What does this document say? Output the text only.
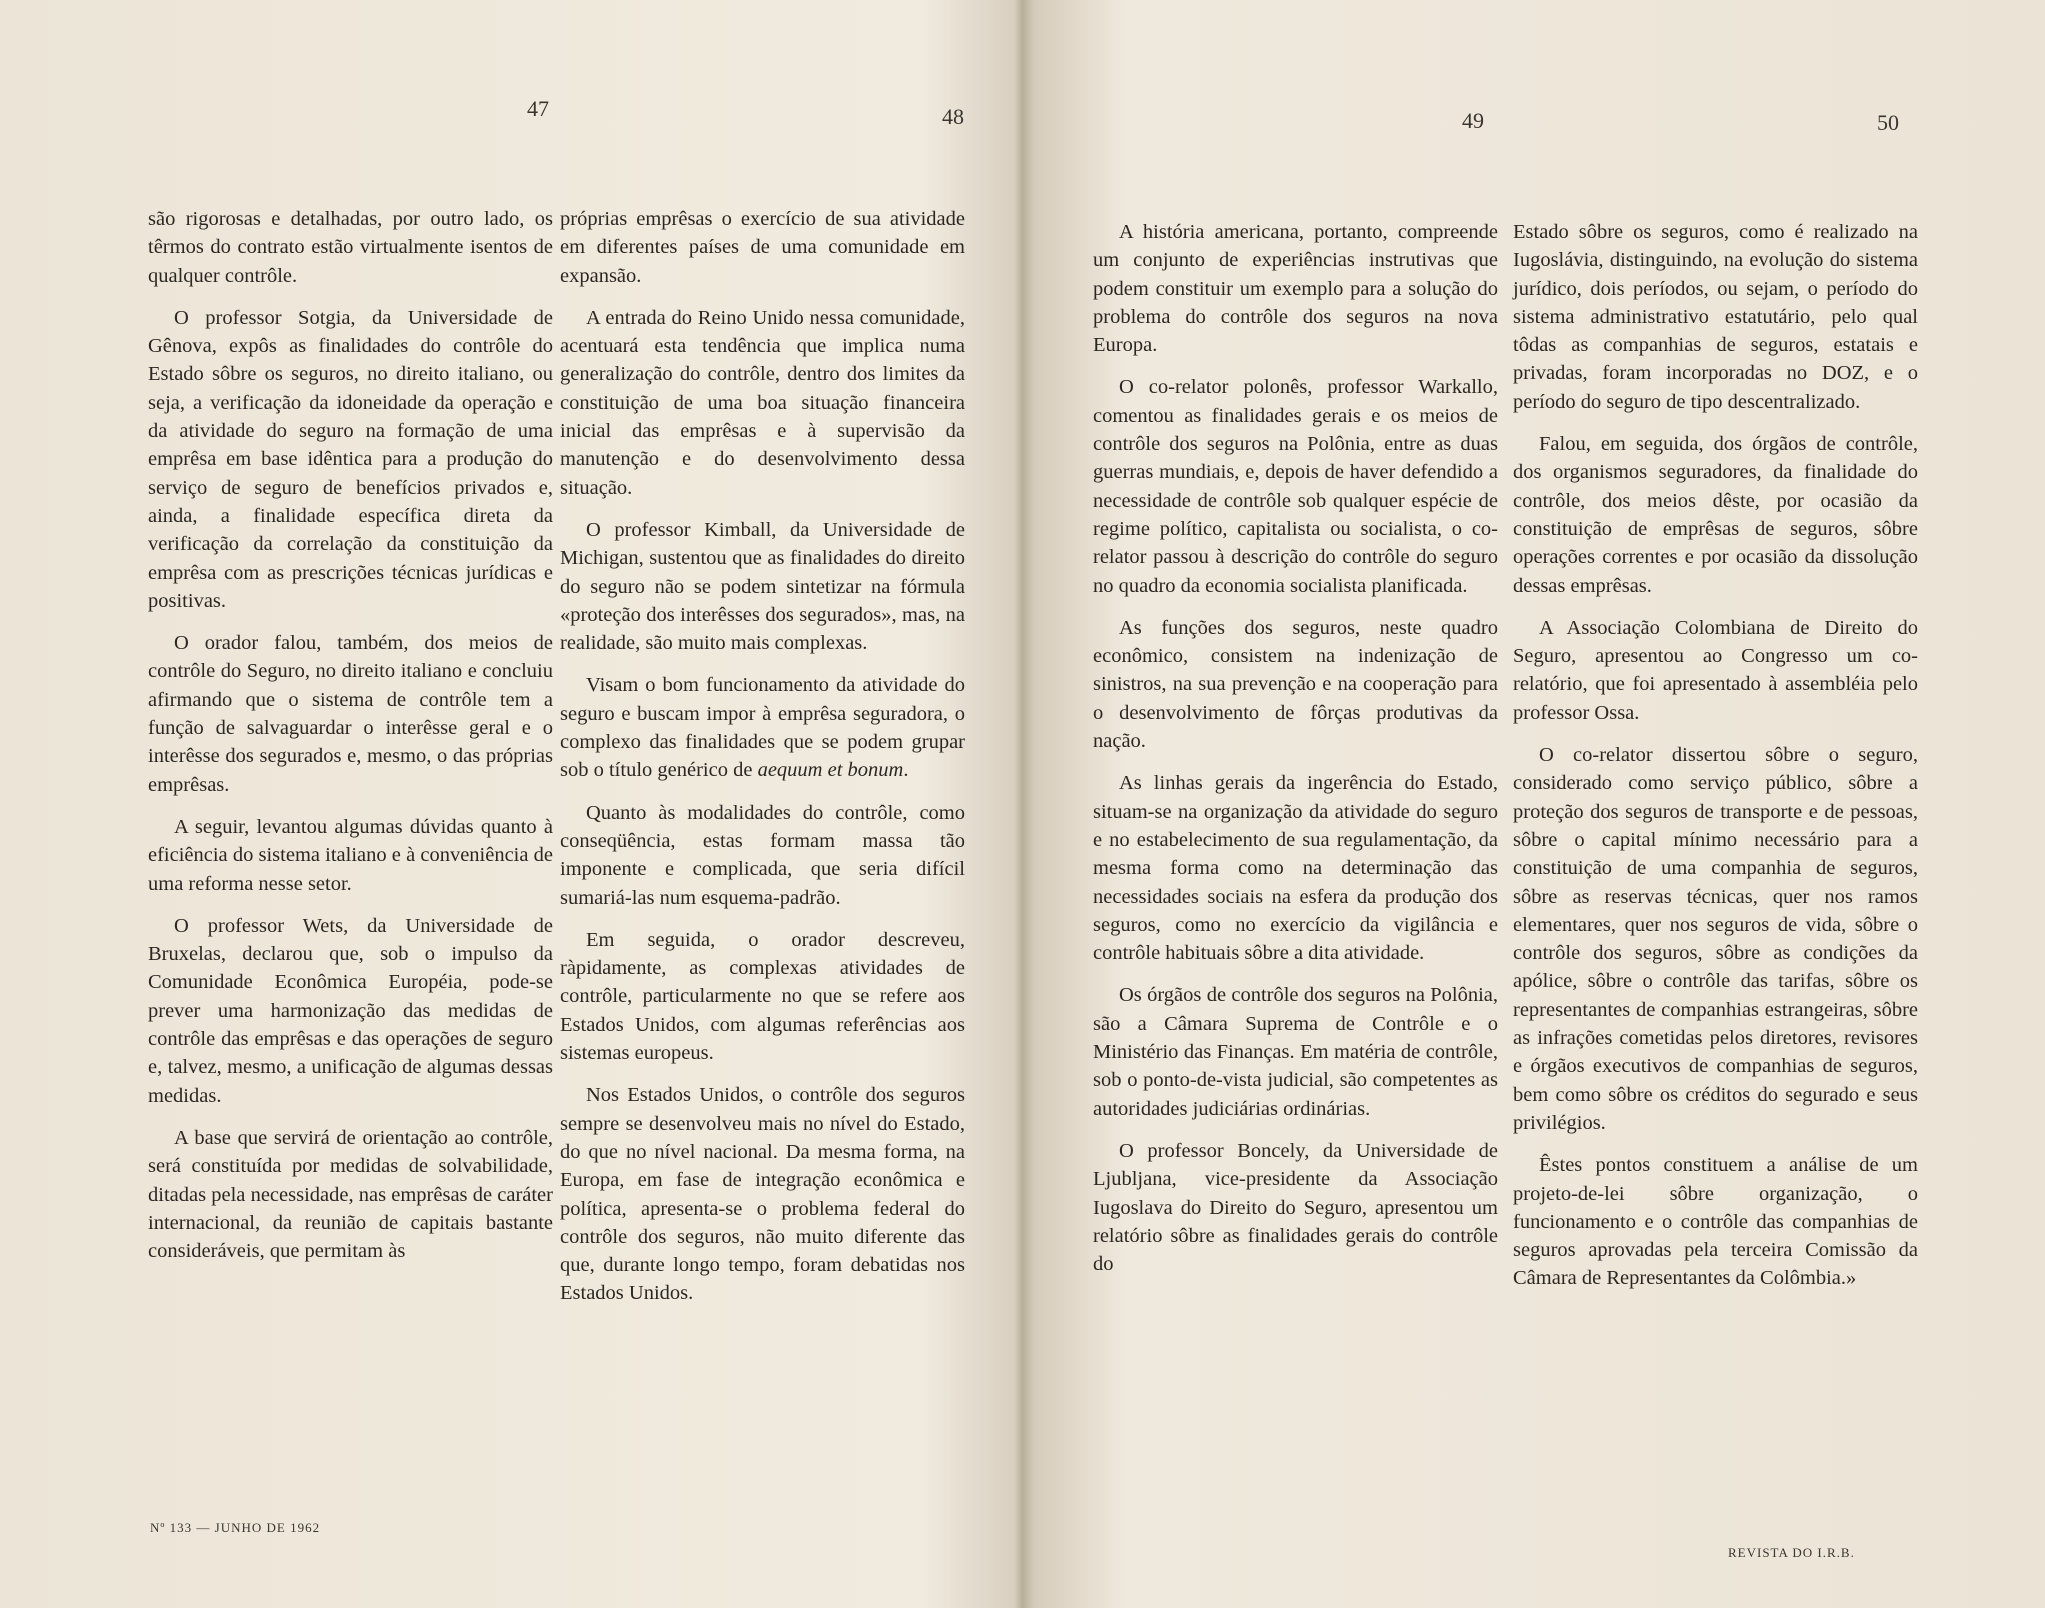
47	48

são rigorosas e detalhadas, por outro lado, os têrmos do contrato estão virtualmente isentos de qualquer contrôle.

O professor Sotgia, da Universidade de Gênova, expôs as finalidades do contrôle do Estado sôbre os seguros, no direito italiano, ou seja, a verificação da idoneidade da operação e da atividade do seguro na formação de uma emprêsa em base idêntica para a produção do serviço de seguro de benefícios privados e, ainda, a finalidade específica direta da verificação da correlação da constituição da emprêsa com as prescrições técnicas jurídicas e positivas.

O orador falou, também, dos meios de contrôle do Seguro, no direito italiano e concluiu afirmando que o sistema de contrôle tem a função de salvaguardar o interêsse geral e o interêsse dos segurados e, mesmo, o das próprias emprêsas.

A seguir, levantou algumas dúvidas quanto à eficiência do sistema italiano e à conveniência de uma reforma nesse setor.

O professor Wets, da Universidade de Bruxelas, declarou que, sob o impulso da Comunidade Econômica Européia, pode-se prever uma harmonização das medidas de contrôle das emprêsas e das operações de seguro e, talvez, mesmo, a unificação de algumas dessas medidas.

A base que servirá de orientação ao contrôle, será constituída por medidas de solvabilidade, ditadas pela necessidade, nas emprêsas de caráter internacional, da reunião de capitais bastante consideráveis, que permitam às

próprias emprêsas o exercício de sua atividade em diferentes países de uma comunidade em expansão.

A entrada do Reino Unido nessa comunidade, acentuará esta tendência que implica numa generalização do contrôle, dentro dos limites da constituição de uma boa situação financeira inicial das emprêsas e à supervisão da manutenção e do desenvolvimento dessa situação.

O professor Kimball, da Universidade de Michigan, sustentou que as finalidades do direito do seguro não se podem sintetizar na fórmula «proteção dos interêsses dos segurados», mas, na realidade, são muito mais complexas.

Visam o bom funcionamento da atividade do seguro e buscam impor à emprêsa seguradora, o complexo das finalidades que se podem grupar sob o título genérico de aequum et bonum.

Quanto às modalidades do contrôle, como conseqüência, estas formam massa tão imponente e complicada, que seria difícil sumariá-las num esquema-padrão.

Em seguida, o orador descreveu, ràpidamente, as complexas atividades de contrôle, particularmente no que se refere aos Estados Unidos, com algumas referências aos sistemas europeus.

Nos Estados Unidos, o contrôle dos seguros sempre se desenvolveu mais no nível do Estado, do que no nível nacional. Da mesma forma, na Europa, em fase de integração econômica e política, apresenta-se o problema federal do contrôle dos seguros, não muito diferente das que, durante longo tempo, foram debatidas nos Estados Unidos.

Nº 133 — JUNHO DE 1962
49	50

A história americana, portanto, compreende um conjunto de experiências instrutivas que podem constituir um exemplo para a solução do problema do contrôle dos seguros na nova Europa.

O co-relator polonês, professor Warkallo, comentou as finalidades gerais e os meios de contrôle dos seguros na Polônia, entre as duas guerras mundiais, e, depois de haver defendido a necessidade de contrôle sob qualquer espécie de regime político, capitalista ou socialista, o co-relator passou à descrição do contrôle do seguro no quadro da economia socialista planificada.

As funções dos seguros, neste quadro econômico, consistem na indenização de sinistros, na sua prevenção e na cooperação para o desenvolvimento de fôrças produtivas da nação.

As linhas gerais da ingerência do Estado, situam-se na organização da atividade do seguro e no estabelecimento de sua regulamentação, da mesma forma como na determinação das necessidades sociais na esfera da produção dos seguros, como no exercício da vigilância e contrôle habituais sôbre a dita atividade.

Os órgãos de contrôle dos seguros na Polônia, são a Câmara Suprema de Contrôle e o Ministério das Finanças. Em matéria de contrôle, sob o ponto-de-vista judicial, são competentes as autoridades judiciárias ordinárias.

O professor Boncely, da Universidade de Ljubljana, vice-presidente da Associação Iugoslava do Direito do Seguro, apresentou um relatório sôbre as finalidades gerais do contrôle do

Estado sôbre os seguros, como é realizado na Iugoslávia, distinguindo, na evolução do sistema jurídico, dois períodos, ou sejam, o período do sistema administrativo estatutário, pelo qual tôdas as companhias de seguros, estatais e privadas, foram incorporadas no DOZ, e o período do seguro de tipo descentralizado.

Falou, em seguida, dos órgãos de contrôle, dos organismos seguradores, da finalidade do contrôle, dos meios dêste, por ocasião da constituição de emprêsas de seguros, sôbre operações correntes e por ocasião da dissolução dessas emprêsas.

A Associação Colombiana de Direito do Seguro, apresentou ao Congresso um co-relatório, que foi apresentado à assembléia pelo professor Ossa.

O co-relator dissertou sôbre o seguro, considerado como serviço público, sôbre a proteção dos seguros de transporte e de pessoas, sôbre o capital mínimo necessário para a constituição de uma companhia de seguros, sôbre as reservas técnicas, quer nos ramos elementares, quer nos seguros de vida, sôbre o contrôle dos seguros, sôbre as condições da apólice, sôbre o contrôle das tarifas, sôbre os representantes de companhias estrangeiras, sôbre as infrações cometidas pelos diretores, revisores e órgãos executivos de companhias de seguros, bem como sôbre os créditos do segurado e seus privilégios.

Êstes pontos constituem a análise de um projeto-de-lei sôbre organização, o funcionamento e o contrôle das companhias de seguros aprovadas pela terceira Comissão da Câmara de Representantes da Colômbia.»

REVISTA DO I.R.B.
